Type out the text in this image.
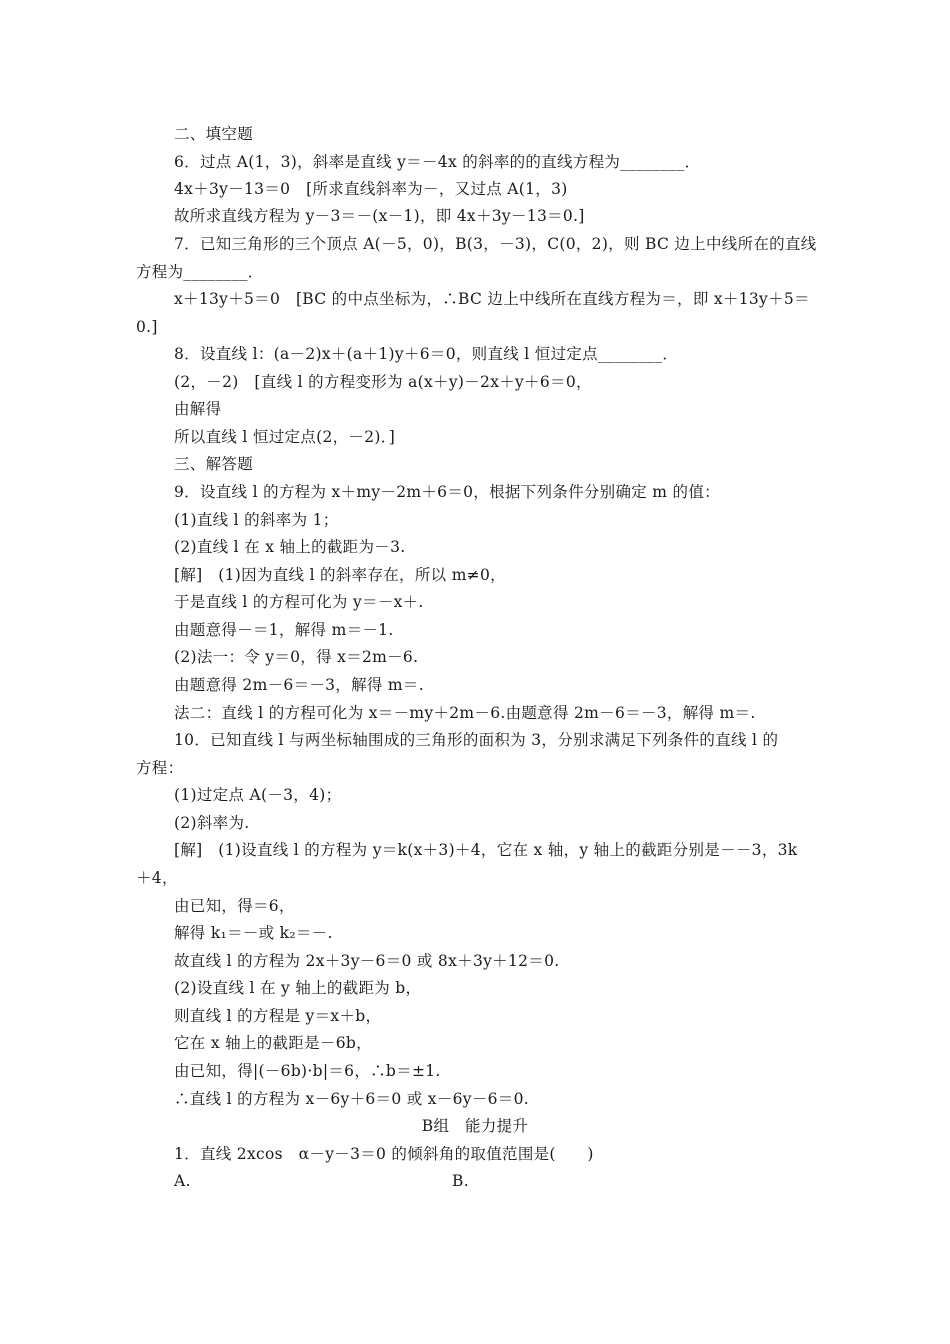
二、填空题
6．过点 A(1，3)，斜率是直线 y＝－4x 的斜率的的直线方程为________．
4x＋3y－13＝0　[所求直线斜率为－，又过点 A(1，3)
故所求直线方程为 y－3＝－(x－1)，即 4x＋3y－13＝0.]
7．已知三角形的三个顶点 A(－5，0)，B(3，－3)，C(0，2)，则 BC 边上中线所在的直线
方程为________．
x＋13y＋5＝0　[BC 的中点坐标为，∴BC 边上中线所在直线方程为＝，即 x＋13y＋5＝
0.]
8．设直线 l：(a－2)x＋(a＋1)y＋6＝0，则直线 l 恒过定点________．
(2，－2)　[直线 l 的方程变形为 a(x＋y)－2x＋y＋6＝0，
由解得
所以直线 l 恒过定点(2，－2)．]
三、解答题
9．设直线 l 的方程为 x＋my－2m＋6＝0，根据下列条件分别确定 m 的值：
(1)直线 l 的斜率为 1；
(2)直线 l 在 x 轴上的截距为－3.
[解]　(1)因为直线 l 的斜率存在，所以 m≠0，
于是直线 l 的方程可化为 y＝－x＋.
由题意得－＝1，解得 m＝－1.
(2)法一：令 y＝0，得 x＝2m－6.
由题意得 2m－6＝－3，解得 m＝.
法二：直线 l 的方程可化为 x＝－my＋2m－6.由题意得 2m－6＝－3，解得 m＝.
10．已知直线 l 与两坐标轴围成的三角形的面积为 3，分别求满足下列条件的直线 l 的
方程：
(1)过定点 A(－3，4)；
(2)斜率为.
[解]　(1)设直线 l 的方程为 y＝k(x＋3)＋4，它在 x 轴，y 轴上的截距分别是－－3，3k
＋4，
由已知，得＝6，
解得 k₁＝－或 k₂＝－.
故直线 l 的方程为 2x＋3y－6＝0 或 8x＋3y＋12＝0.
(2)设直线 l 在 y 轴上的截距为 b，
则直线 l 的方程是 y＝x＋b，
它在 x 轴上的截距是－6b，
由已知，得|(－6b)·b|＝6，∴b＝±1.
∴直线 l 的方程为 x－6y＋6＝0 或 x－6y－6＝0.
B组　能力提升
1．直线 2xcos　α－y－3＝0 的倾斜角的取值范围是(　　)
A.	B.
